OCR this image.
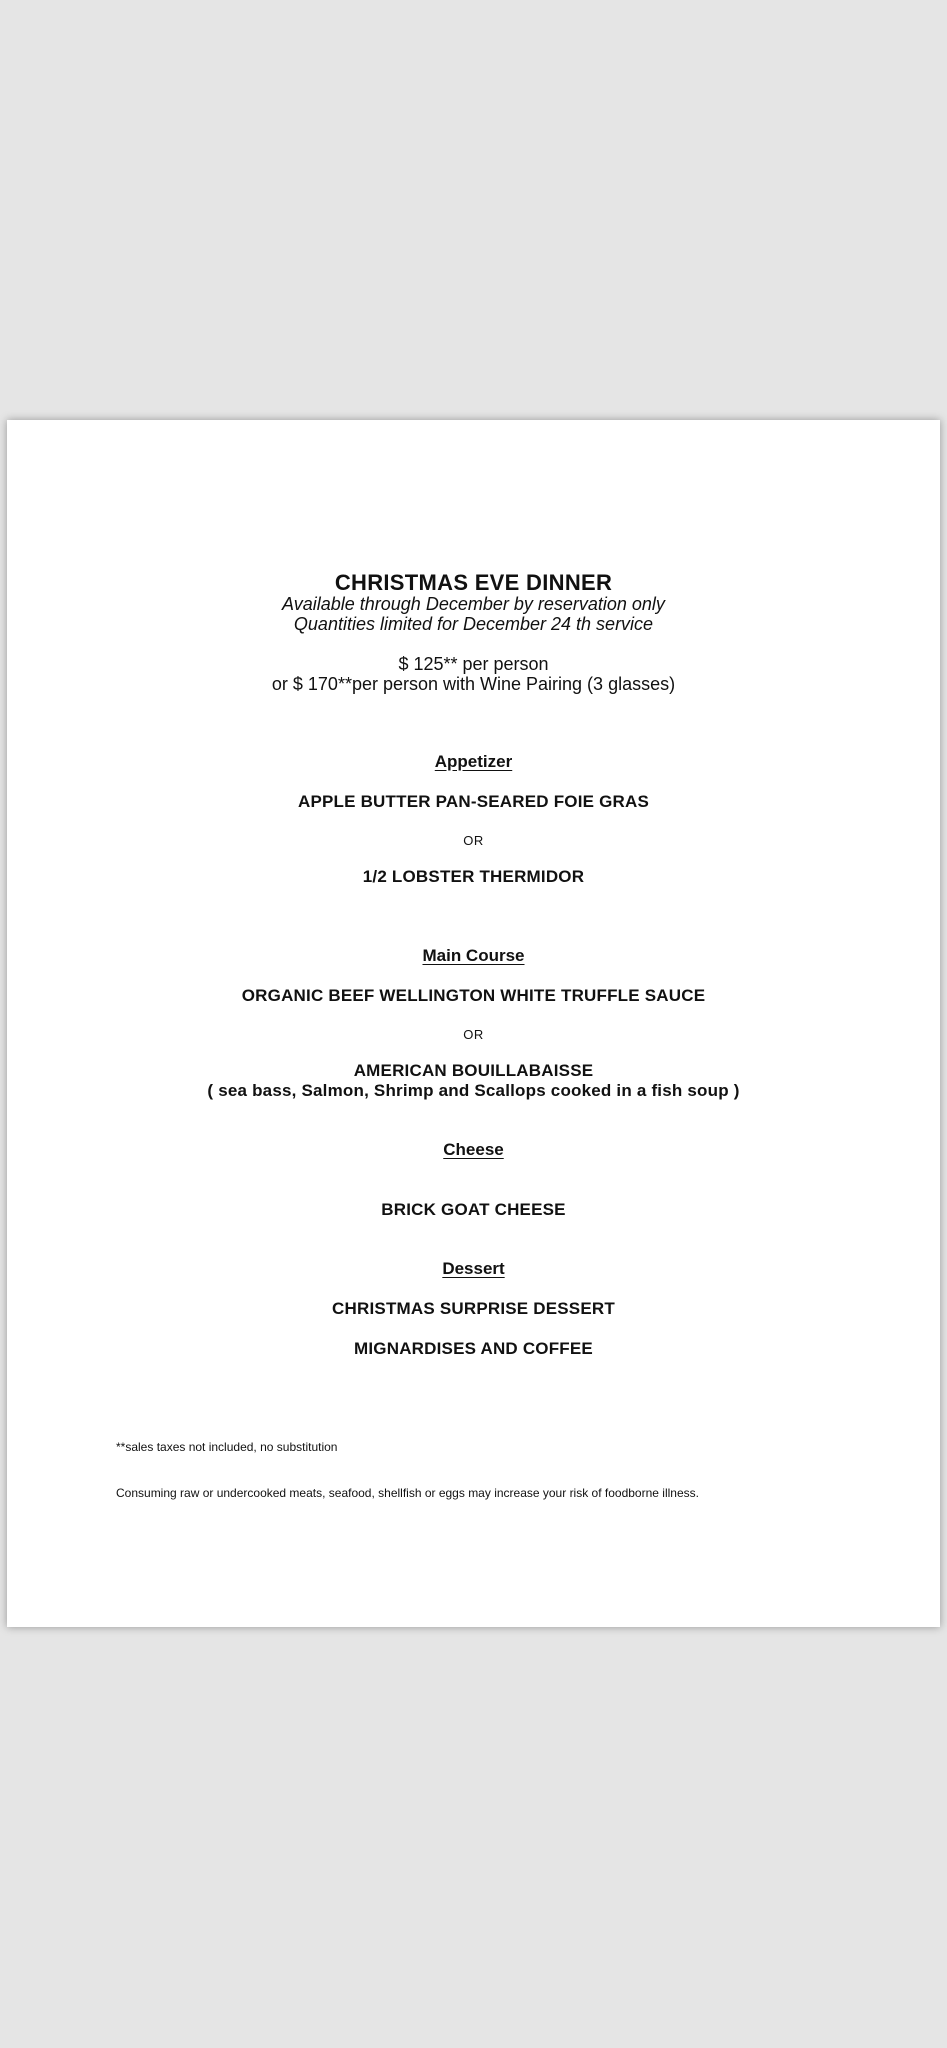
CHRISTMAS EVE DINNER
Available through December by reservation only
Quantities limited for December 24 th service
$ 125** per person
or $ 170**per person with Wine Pairing (3 glasses)
Appetizer
APPLE BUTTER PAN-SEARED FOIE GRAS
OR
1/2 LOBSTER THERMIDOR
Main Course
ORGANIC BEEF WELLINGTON WHITE TRUFFLE SAUCE
OR
AMERICAN BOUILLABAISSE
( sea bass, Salmon, Shrimp and Scallops cooked in a fish soup )
Cheese
BRICK GOAT CHEESE
Dessert
CHRISTMAS SURPRISE DESSERT
MIGNARDISES AND COFFEE
**sales taxes not included, no substitution
Consuming raw or undercooked meats, seafood, shellfish or eggs may increase your risk of foodborne illness.
